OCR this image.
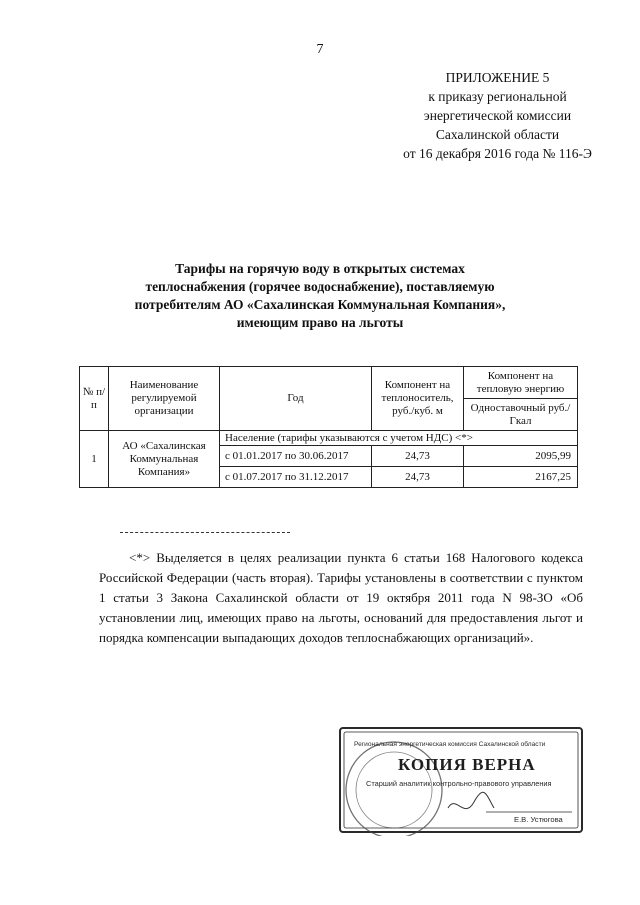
7
ПРИЛОЖЕНИЕ 5
к приказу региональной
энергетической комиссии
Сахалинской области
от 16 декабря 2016 года № 116-Э
Тарифы на горячую воду в открытых системах
теплоснабжения (горячее водоснабжение), поставляемую
потребителям АО «Сахалинская Коммунальная Компания»,
имеющим право на льготы
№ п/п	Наименование регулируемой организации	Год	Компонент на теплоноситель, руб./куб. м	Компонент на тепловую энергию
				Одноставочный руб./Гкал
1	АО «Сахалинская Коммунальная Компания»	Население (тарифы указываются с учетом НДС) <*>		
		с 01.01.2017 по 30.06.2017	24,73	2095,99
		с 01.07.2017 по 31.12.2017	24,73	2167,25
<*> Выделяется в целях реализации пункта 6 статьи 168 Налогового кодекса Российской Федерации (часть вторая). Тарифы установлены в соответствии с пунктом 1 статьи 3 Закона Сахалинской области от 19 октября 2011 года N 98-ЗО «Об установлении лиц, имеющих право на льготы, оснований для предоставления льгот и порядка компенсации выпадающих доходов теплоснабжающих организаций».
Региональная энергетическая комиссия Сахалинской области
КОПИЯ ВЕРНА
Старший аналитик контрольно-правового управления
Е.В. Устюгова
